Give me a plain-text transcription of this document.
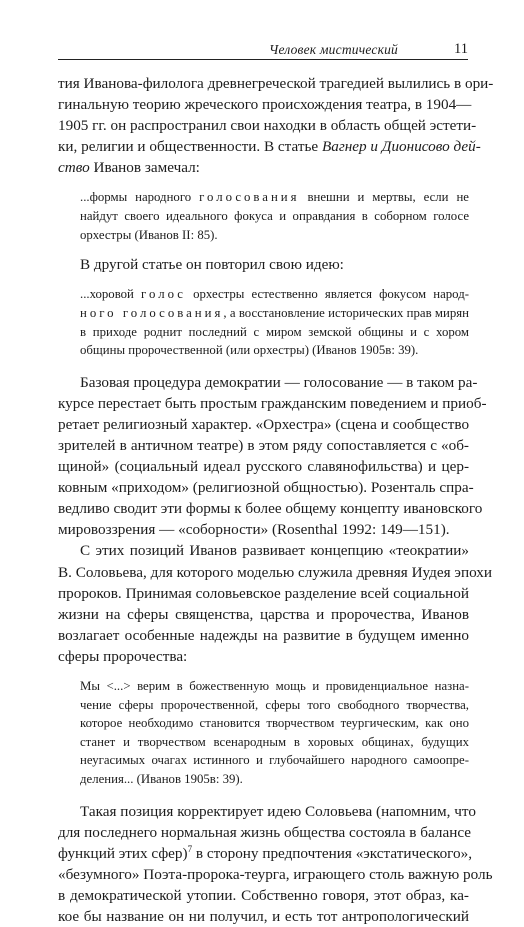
Человек мистический	11
тия Иванова-филолога древнегреческой трагедией вылились в ори-
гинальную теорию жреческого происхождения театра, в 1904—
1905 гг. он распространил свои находки в область общей эстети-
ки, религии и общественности. В статье Вагнер и Дионисово дей-
ство Иванов замечал:
...формы народного голосования внешни и мертвы, если не
найдут своего идеального фокуса и оправдания в соборном голосе
орхестры (Иванов II: 85).
В другой статье он повторил свою идею:
...хоровой голос орхестры естественно является фокусом народ-
ного голосования, а восстановление исторических прав мирян
в приходе роднит последний с миром земской общины и с хором
общины пророчественной (или орхестры) (Иванов 1905в: 39).
Базовая процедура демократии — голосование — в таком ра-
курсе перестает быть простым гражданским поведением и приоб-
ретает религиозный характер. «Орхестра» (сцена и сообщество
зрителей в античном театре) в этом ряду сопоставляется с «об-
щиной» (социальный идеал русского славянофильства) и цер-
ковным «приходом» (религиозной общностью). Розенталь спра-
ведливо сводит эти формы к более общему концепту ивановского
мировоззрения — «соборности» (Rosenthal 1992: 149—151).
С этих позиций Иванов развивает концепцию «теократии»
В. Соловьева, для которого моделью служила древняя Иудея эпохи
пророков. Принимая соловьевское разделение всей социальной
жизни на сферы священства, царства и пророчества, Иванов
возлагает особенные надежды на развитие в будущем именно
сферы пророчества:
Мы <...> верим в божественную мощь и провиденциальное назна-
чение сферы пророчественной, сферы того свободного творчества,
которое необходимо становится творчеством теургическим, как оно
станет и творчеством всенародным в хоровых общинах, будущих
неугасимых очагах истинного и глубочайшего народного самоопре-
деления... (Иванов 1905в: 39).
Такая позиция корректирует идею Соловьева (напомним, что
для последнего нормальная жизнь общества состояла в балансе
функций этих сфер)$^7$ в сторону предпочтения «экстатического»,
«безумного» Поэта-пророка-теурга, играющего столь важную роль
в демократической утопии. Собственно говоря, этот образ, ка-
кое бы название он ни получил, и есть тот антропологический
